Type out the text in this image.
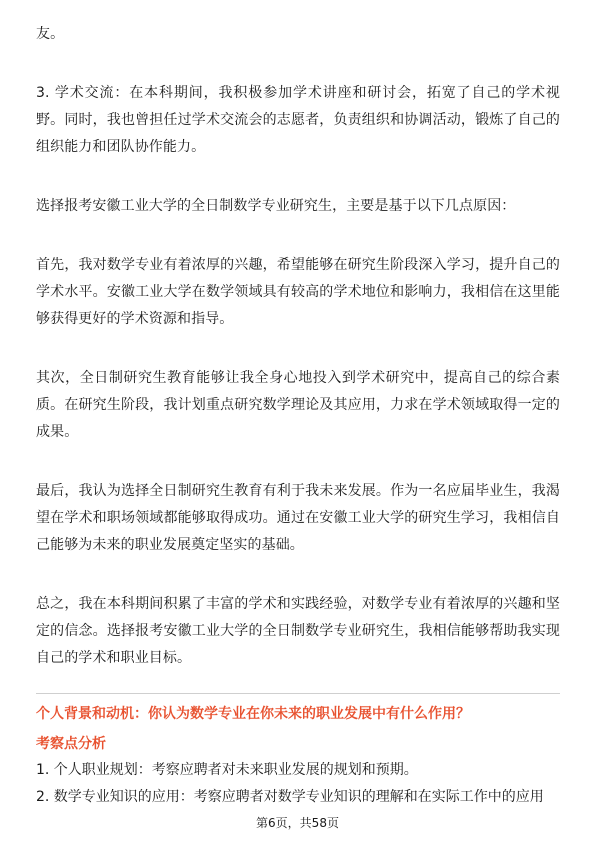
友。

3. 学术交流：在本科期间，我积极参加学术讲座和研讨会，拓宽了自己的学术视野。同时，我也曾担任过学术交流会的志愿者，负责组织和协调活动，锻炼了自己的组织能力和团队协作能力。

选择报考安徽工业大学的全日制数学专业研究生，主要是基于以下几点原因：

首先，我对数学专业有着浓厚的兴趣，希望能够在研究生阶段深入学习，提升自己的学术水平。安徽工业大学在数学领域具有较高的学术地位和影响力，我相信在这里能够获得更好的学术资源和指导。

其次，全日制研究生教育能够让我全身心地投入到学术研究中，提高自己的综合素质。在研究生阶段，我计划重点研究数学理论及其应用，力求在学术领域取得一定的成果。

最后，我认为选择全日制研究生教育有利于我未来发展。作为一名应届毕业生，我渴望在学术和职场领域都能够取得成功。通过在安徽工业大学的研究生学习，我相信自己能够为未来的职业发展奠定坚实的基础。

总之，我在本科期间积累了丰富的学术和实践经验，对数学专业有着浓厚的兴趣和坚定的信念。选择报考安徽工业大学的全日制数学专业研究生，我相信能够帮助我实现自己的学术和职业目标。

个人背景和动机：你认为数学专业在你未来的职业发展中有什么作用？

考察点分析

1. 个人职业规划：考察应聘者对未来职业发展的规划和预期。

2. 数学专业知识的应用：考察应聘者对数学专业知识的理解和在实际工作中的应用

第6页，共58页
